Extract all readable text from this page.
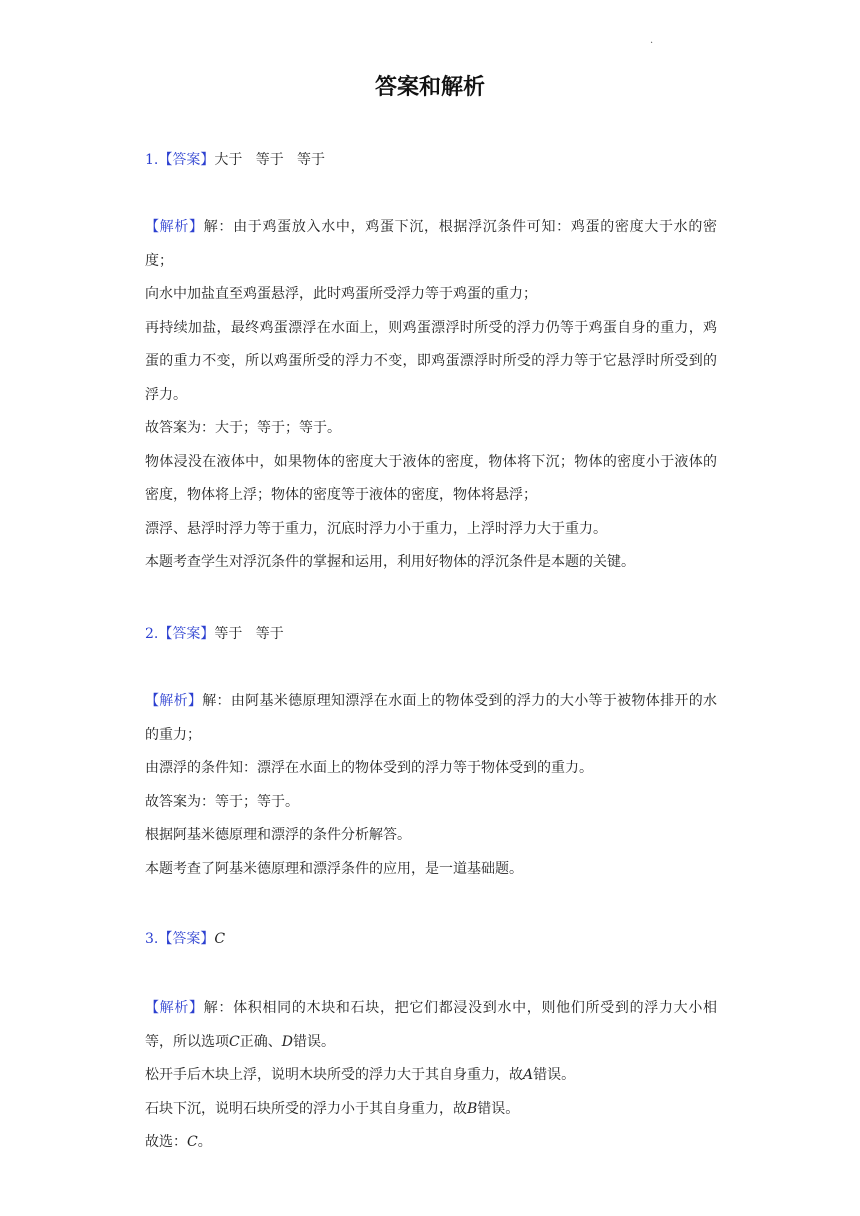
·
答案和解析
1.【答案】大于   等于   等于

【解析】解：由于鸡蛋放入水中，鸡蛋下沉，根据浮沉条件可知：鸡蛋的密度大于水的密度；

向水中加盐直至鸡蛋悬浮，此时鸡蛋所受浮力等于鸡蛋的重力；

再持续加盐，最终鸡蛋漂浮在水面上，则鸡蛋漂浮时所受的浮力仍等于鸡蛋自身的重力，鸡蛋的重力不变，所以鸡蛋所受的浮力不变，即鸡蛋漂浮时所受的浮力等于它悬浮时所受到的浮力。

故答案为：大于；等于；等于。

物体浸没在液体中，如果物体的密度大于液体的密度，物体将下沉；物体的密度小于液体的密度，物体将上浮；物体的密度等于液体的密度，物体将悬浮；

漂浮、悬浮时浮力等于重力，沉底时浮力小于重力，上浮时浮力大于重力。

本题考查学生对浮沉条件的掌握和运用，利用好物体的浮沉条件是本题的关键。

2.【答案】等于   等于

【解析】解：由阿基米德原理知漂浮在水面上的物体受到的浮力的大小等于被物体排开的水的重力；

由漂浮的条件知：漂浮在水面上的物体受到的浮力等于物体受到的重力。

故答案为：等于；等于。

根据阿基米德原理和漂浮的条件分析解答。

本题考查了阿基米德原理和漂浮条件的应用，是一道基础题。

3.【答案】C

【解析】解：体积相同的木块和石块，把它们都浸没到水中，则他们所受到的浮力大小相等，所以选项C正确、D错误。

松开手后木块上浮，说明木块所受的浮力大于其自身重力，故A错误。

石块下沉，说明石块所受的浮力小于其自身重力，故B错误。

故选：C。
